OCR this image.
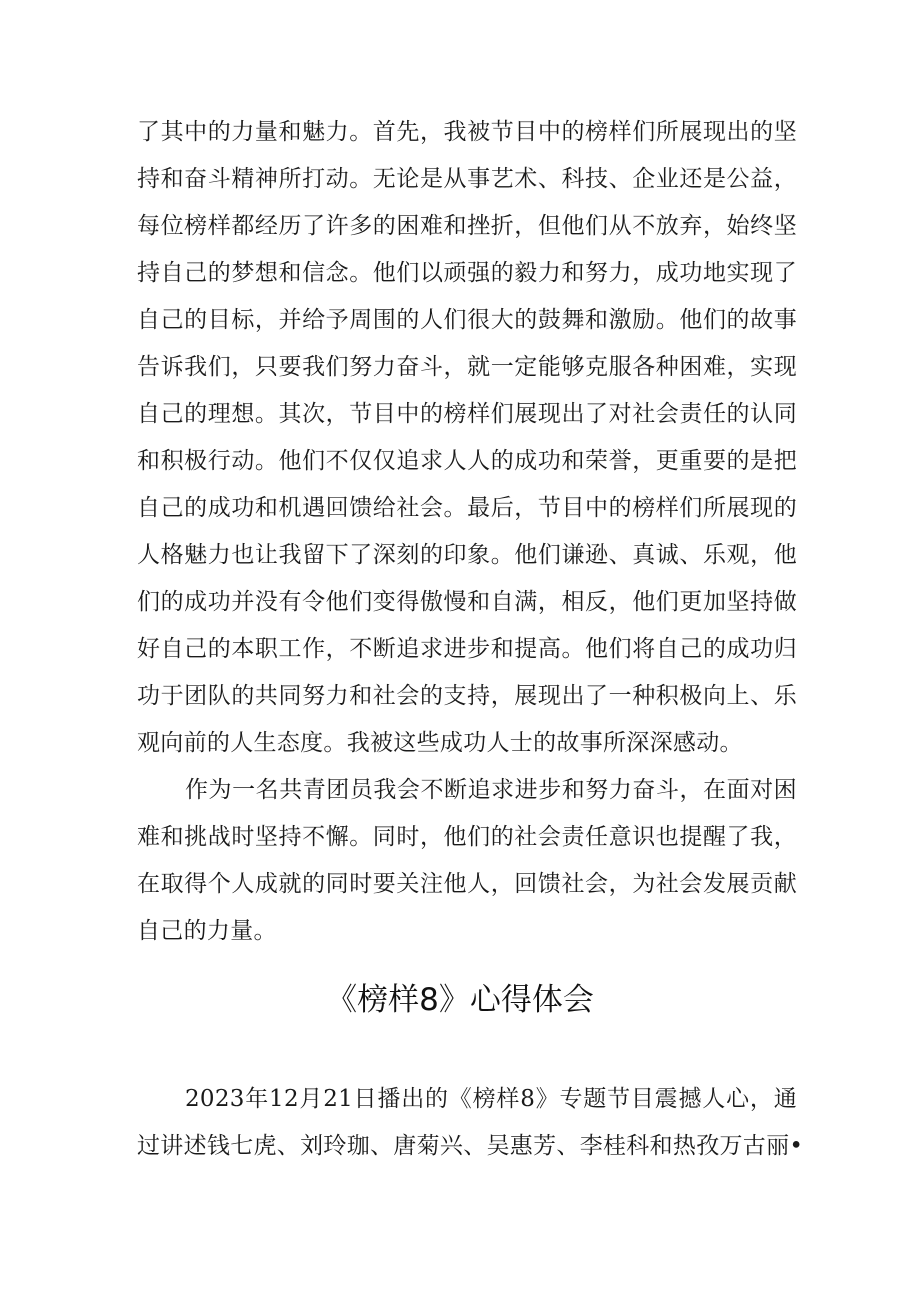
了其中的力量和魅力。首先，我被节目中的榜样们所展现出的坚
持和奋斗精神所打动。无论是从事艺术、科技、企业还是公益，
每位榜样都经历了许多的困难和挫折，但他们从不放弃，始终坚
持自己的梦想和信念。他们以顽强的毅力和努力，成功地实现了
自己的目标，并给予周围的人们很大的鼓舞和激励。他们的故事
告诉我们，只要我们努力奋斗，就一定能够克服各种困难，实现
自己的理想。其次，节目中的榜样们展现出了对社会责任的认同
和积极行动。他们不仅仅追求人人的成功和荣誉，更重要的是把
自己的成功和机遇回馈给社会。最后，节目中的榜样们所展现的
人格魅力也让我留下了深刻的印象。他们谦逊、真诚、乐观，他
们的成功并没有令他们变得傲慢和自满，相反，他们更加坚持做
好自己的本职工作，不断追求进步和提高。他们将自己的成功归
功于团队的共同努力和社会的支持，展现出了一种积极向上、乐
观向前的人生态度。我被这些成功人士的故事所深深感动。
作为一名共青团员我会不断追求进步和努力奋斗，在面对困
难和挑战时坚持不懈。同时，他们的社会责任意识也提醒了我，
在取得个人成就的同时要关注他人，回馈社会，为社会发展贡献
自己的力量。
《榜样8》心得体会
2023年12月21日播出的《榜样8》专题节目震撼人心，通
过讲述钱七虎、刘玲珈、唐菊兴、吴惠芳、李桂科和热孜万古丽•
